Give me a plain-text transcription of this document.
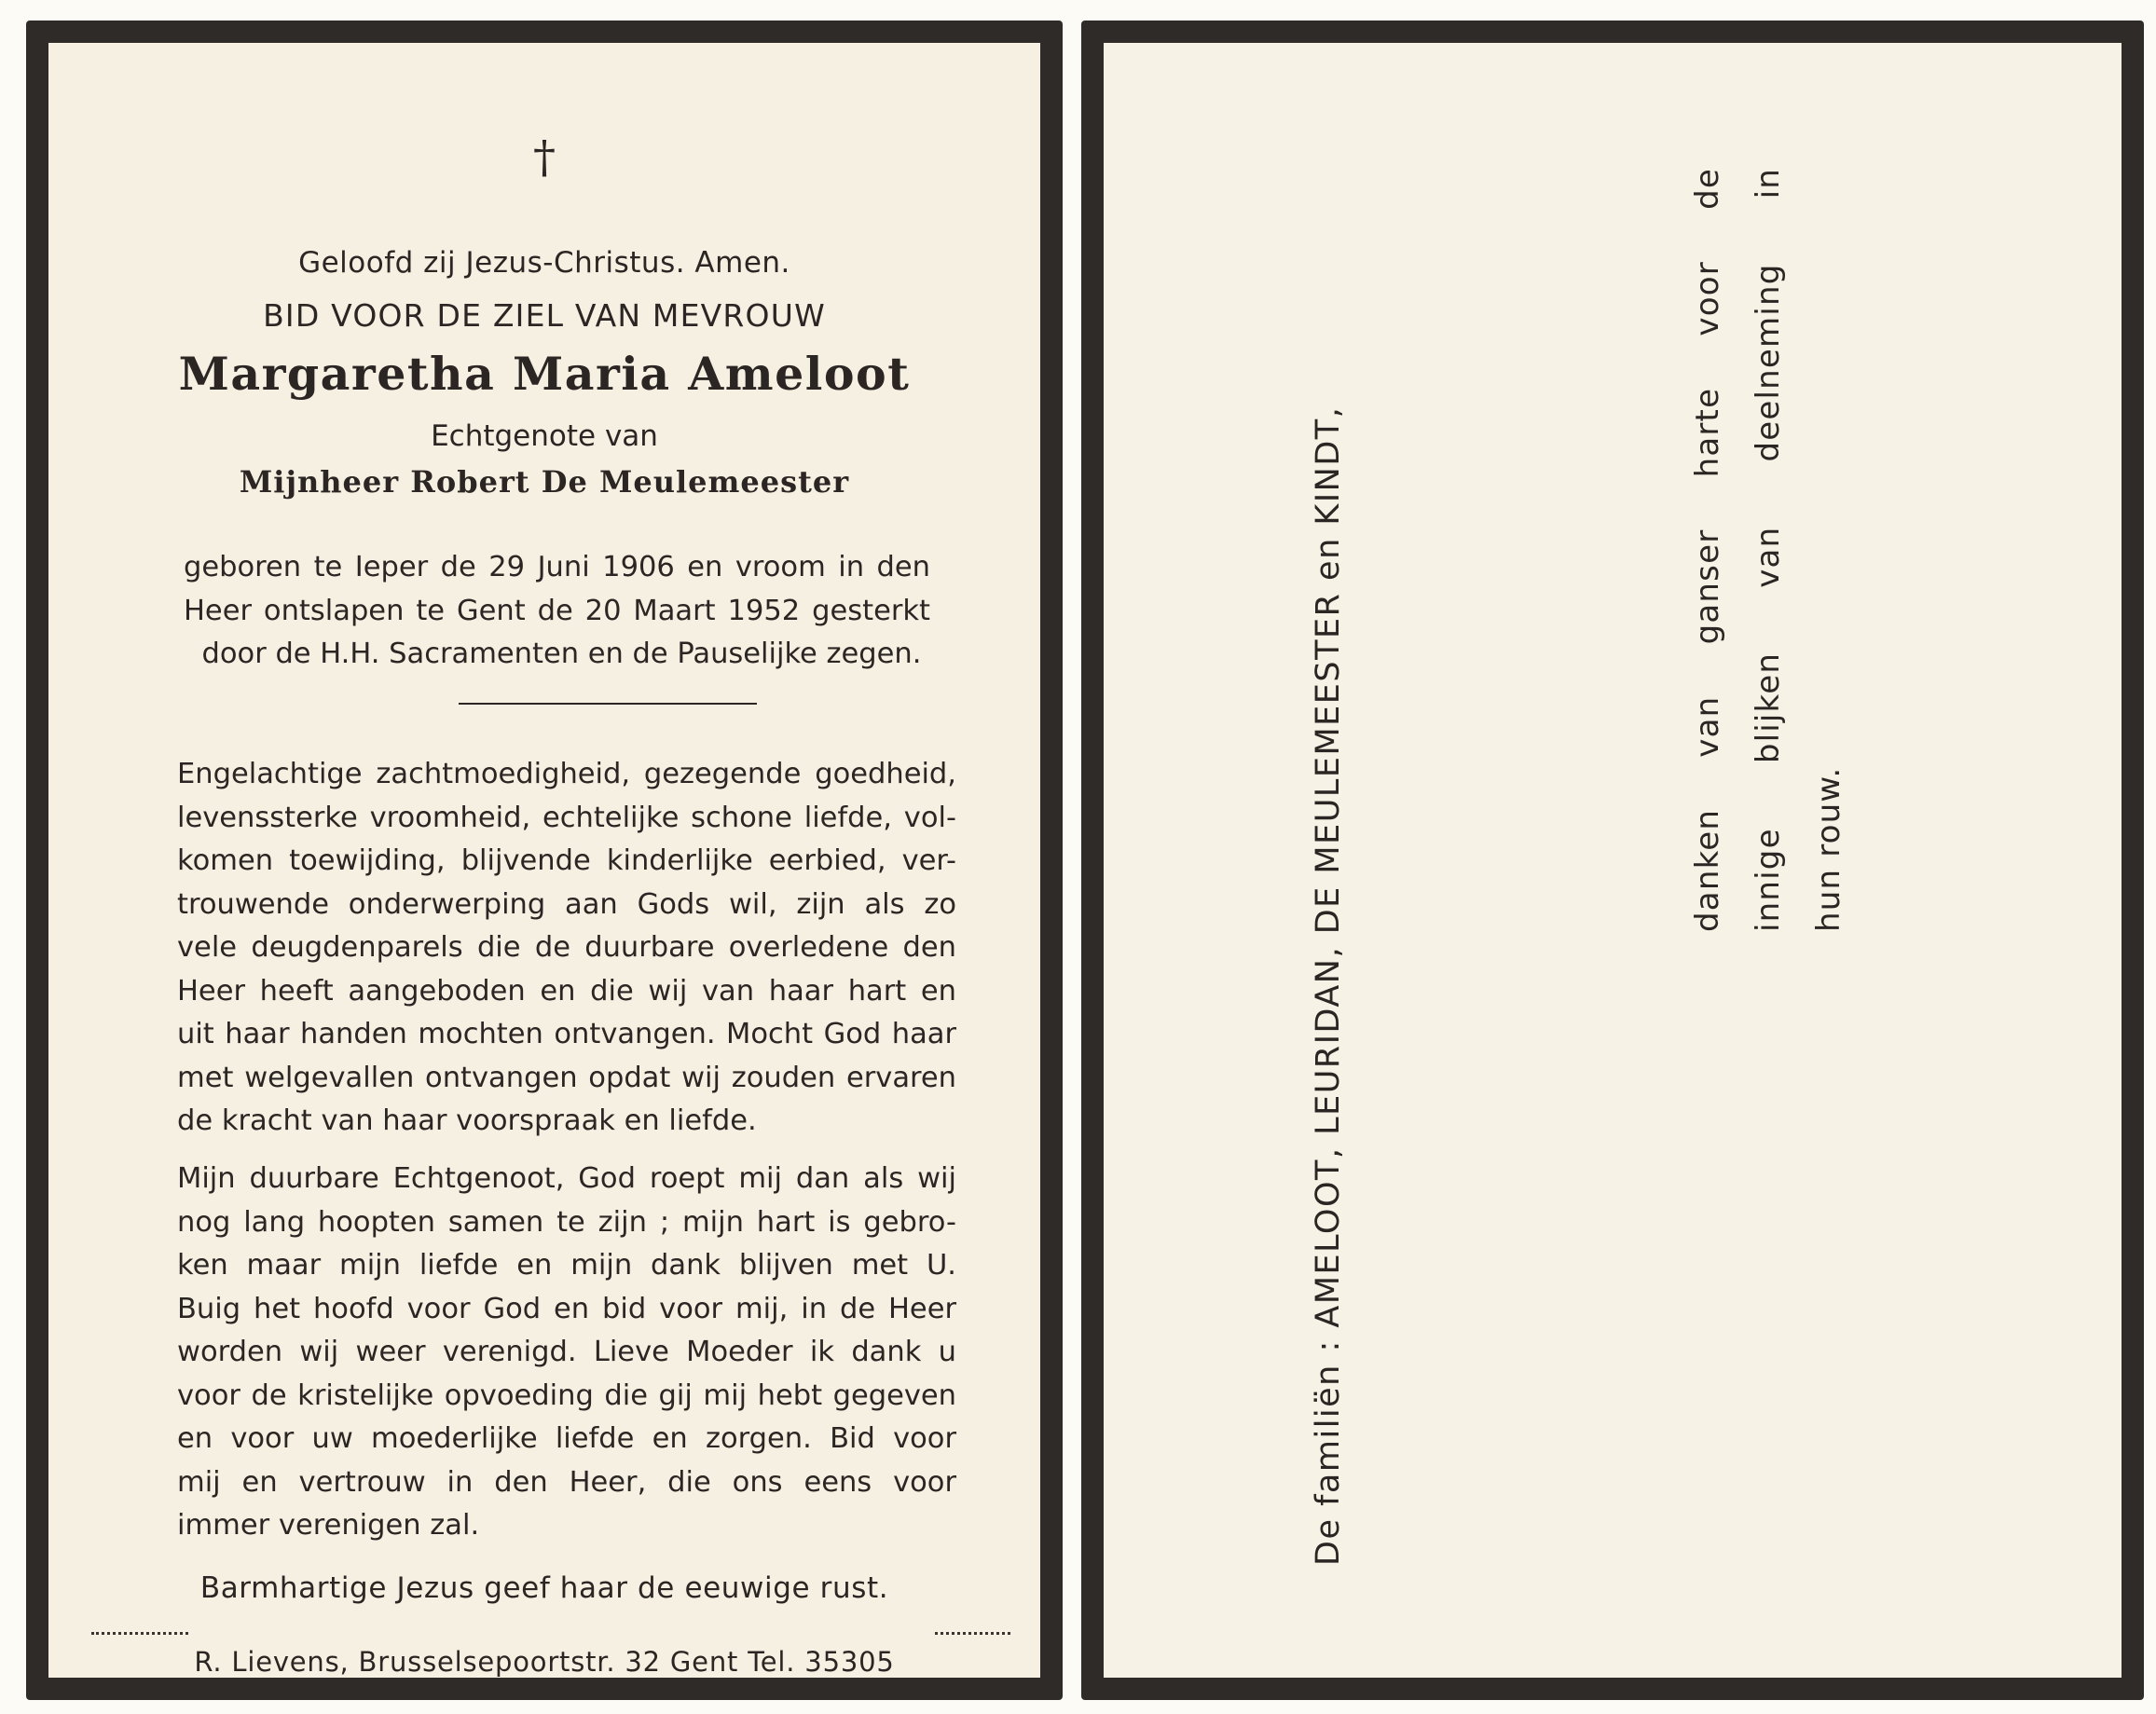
†
Geloofd zij Jezus-Christus. Amen.
BID VOOR DE ZIEL VAN MEVROUW
Margaretha Maria Ameloot
Echtgenote van
Mijnheer Robert De Meulemeester
geboren te Ieper de 29 Juni 1906 en vroom in den
Heer ontslapen te Gent de 20 Maart 1952 gesterkt
door de H.H. Sacramenten en de Pauselijke zegen.
Engelachtige zachtmoedigheid, gezegende goedheid,
levenssterke vroomheid, echtelijke schone liefde, vol-
komen toewijding, blijvende kinderlijke eerbied, ver-
trouwende onderwerping aan Gods wil, zijn als zo
vele deugdenparels die de duurbare overledene den
Heer heeft aangeboden en die wij van haar hart en
uit haar handen mochten ontvangen. Mocht God haar
met welgevallen ontvangen opdat wij zouden ervaren
de kracht van haar voorspraak en liefde.
Mijn duurbare Echtgenoot, God roept mij dan als wij
nog lang hoopten samen te zijn ; mijn hart is gebro-
ken maar mijn liefde en mijn dank blijven met U.
Buig het hoofd voor God en bid voor mij, in de Heer
worden wij weer verenigd. Lieve Moeder ik dank u
voor de kristelijke opvoeding die gij mij hebt gegeven
en voor uw moederlijke liefde en zorgen. Bid voor
mij en vertrouw in den Heer, die ons eens voor
immer verenigen zal.
Barmhartige Jezus geef haar de eeuwige rust.
R. Lievens, Brusselsepoortstr. 32 Gent Tel. 35305
De familiën : AMELOOT, LEURIDAN, DE MEULEMEESTER en KINDT,	danken van ganser harte voor de innige blijken van deelneming in hun rouw.
